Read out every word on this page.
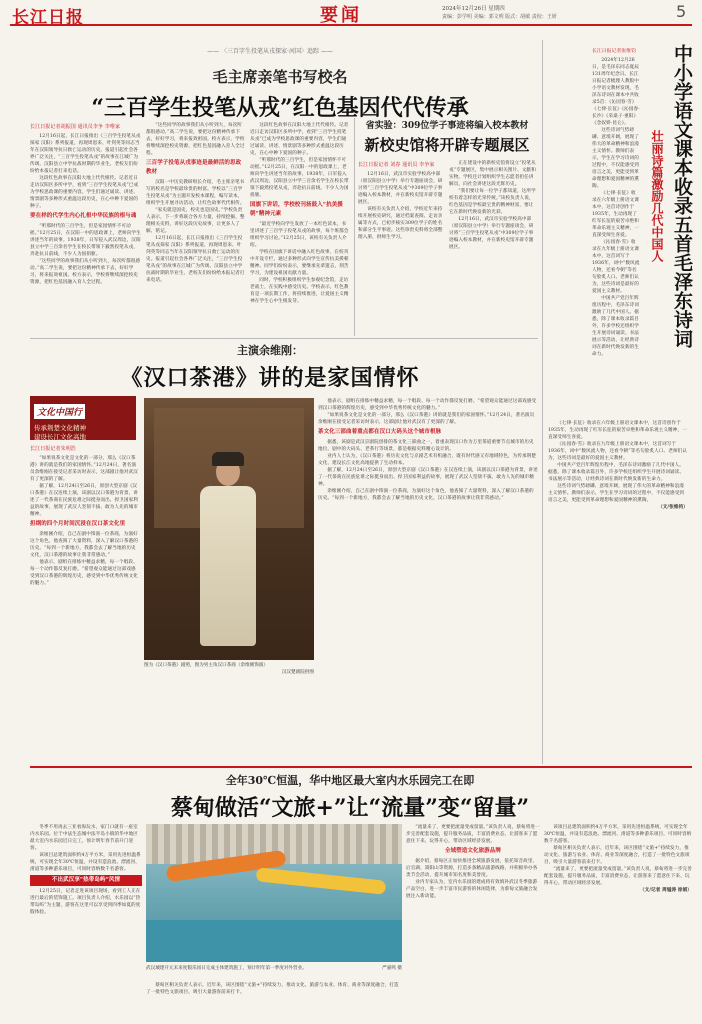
长江日报	要闻	2024年12月26日 星期四
责编：彭学明 美编：郭文明 版式：胡敏 责校：王妍	5
—— 〈三百字生投笔从戎探家·河国〉追踪 ——
毛主席亲笔书写校名
“三百学生投笔从戎”红色基因代代传承
长江日报记者胡振国 通讯员李争 李唯家

12月16日起，长江日报推出《三百学生投笔从戎探家 汉阳》系列报道，再现周恩来、叶剑英等同志当年在汉阳领导抗日救亡运动的历史。报道引起社会各界广泛关注，“三百学生投笔从戎”的故事在江城广为传颂。汉阳县立中学抗战时期的毕业生、老校友们纷纷给本报记者打来电话。

这段红色故事在汉阳大地上代代相传。记者近日走访汉阳区多所中学，看到“三百学生投笔从戎”已成为学校思政课的重要内容，学生们通过诵读、讲述、情景剧等多种形式重温这段历史，在心中种下爱国的种子。

要在样的代学生内心扎根中华民族的根与魂

“听那时代的三百学生，但是家园情怀不可动摇。”12月25日，在汉阳一中的思政课上，老师向学生讲述当年的故事。1938年，日军侵入武汉周边，汉阳县立中学三百余名学生在校长带领下毅然投笔从戎，奔赴抗日前线，不少人为国捐躯。

“这些同学的故事我们从小听到大，每次听都很感动。”高二学生说，要把这份精神传承下去，好好学习，将来报效祖国。校方表示，学校将继续深挖校史资源，把红色基因融入育人全过程。

“这些同学的故事我们从小听到大，每次听都很感动。”高二学生说，要把这份精神传承下去，好好学习，将来报效祖国。校方表示，学校将继续深挖校史资源，把红色基因融入育人全过程。

三百学子投笔从戎事迹是最鲜活的思政教材

汉阳一中历史教研组长介绍，毛主席亲笔书写的校名是学校最珍贵的财富。学校以“三百学生投笔从戎”为主题开发校本课程，编写读本，组织学生开展寻访活动，让红色故事代代相传。

“家史就是国史，校史也是国史。”学校负责人表示，下一步将联合各方力量，持续挖掘、整理相关史料，讲好这段历史故事，让更多人了解、铭记。

12月16日起，长江日报推出《三百学生投笔从戎探家 汉阳》系列报道，再现周恩来、叶剑英等同志当年在汉阳领导抗日救亡运动的历史。报道引起社会各界广泛关注，“三百学生投笔从戎”的故事在江城广为传颂。汉阳县立中学抗战时期的毕业生、老校友们纷纷给本报记者打来电话。

这段红色故事在汉阳大地上代代相传。记者近日走访汉阳区多所中学，看到“三百学生投笔从戎”已成为学校思政课的重要内容，学生们通过诵读、讲述、情景剧等多种形式重温这段历史，在心中种下爱国的种子。

“听那时代的三百学生，但是家园情怀不可动摇。”12月25日，在汉阳一中的思政课上，老师向学生讲述当年的故事。1938年，日军侵入武汉周边，汉阳县立中学三百余名学生在校长带领下毅然投笔从戎，奔赴抗日前线，不少人为国捐躯。

国旗下讲话，学校校刊扬鼓入“抗美援朝”精神元素

“最近学校向学生发放了一本红色读本，书里讲述了三百学子投笔从戎的故事，每个班都会组织学习讨论。”12月25日，该校有关负责人介绍。

学校在国旗下讲话中融入红色故事，在校刊中开设专栏，通过多种形式向学生宣传抗美援朝精神。同学们纷纷表示，要继承先辈遗志，刻苦学习，为建设祖国贡献力量。

同时，学校积极组织学生参观纪念馆，走访老战士，在实践中感受历史。学校表示，红色教育是一项长期工作，将持续推进，让爱国主义精神在学生心中生根发芽。

省实验：309位学子事迹将编入校本教材
新校史馆将开辟专题展区
长江日报记者 刘春 通讯员 李争家

12月16日，武汉市实验学校高中部（原汉阳县立中学）举行专题座谈会，研讨将“三百学生投笔从戎”中309位学子事迹编入校本教材，并在新校史馆开辟专题展区。

该校有关负责人介绍，学校近年来持续开展校史研究，通过档案查阅、走访亲属等方式，已初步核实309位学子的姓名和部分生平事迹。这些珍贵史料将全部整理入册，供师生学习。

正在建设中的新校史馆将设立“投笔从戎”专题展区，集中展示相关图片、文献和实物。学校还计划组织学生志愿者担任讲解员，向社会讲述这段光辉历史。

“我们要让每一位学子都知道，这所学校有着怎样的光荣传统。”该校负责人说，红色基因是学校最宝贵的精神财富，要让它在新时代焕发新的光彩。

12月16日，武汉市实验学校高中部（原汉阳县立中学）举行专题座谈会，研讨将“三百学生投笔从戎”中309位学子事迹编入校本教材，并在新校史馆开辟专题展区。

主演余维刚：
《汉口茶港》讲的是家国情怀
文化中国行
传承荆楚文化精神
建设长江文化高地
长江日报记者朱明浩

“如果说茶文化是文化的一部分，那么《汉口茶港》讲的就是我们的家国情怀。”12月24日，著名演员余维刚在接受记者采访时表示，这部剧让他对武汉有了更深的了解。

据了解，12月24日至26日，原创大型京剧《汉口茶港》在汉连续上演，该剧以汉口茶港为背景，讲述了一代茶商在民族危难之际挺身而出、捍卫国家利益的故事，展现了武汉人坚韧不拔、敢为人先的城市精神。

担纲的四个月时间沉浸在汉口茶文化里

余维刚介绍，自己在剧中饰演一位茶商，为演好这个角色，他查阅了大量资料，深入了解汉口茶港的历史。“每到一个新地方，我都会去了解当地的历史文化，汉口茶港的故事让我非常感动。”

他表示，剧组在排练中精益求精，每一个唱段、每一个动作都反复打磨。“希望观众能通过这部戏感受到汉口茶港的辉煌历史，感受到中华优秀传统文化的魅力。”

图为《汉口茶港》剧照，图为男主角汉口茶商（余维刚饰演）
汉汉楚剧院供图

他表示，剧组在排练中精益求精，每一个唱段、每一个动作都反复打磨。“希望观众能通过这部戏感受到汉口茶港的辉煌历史，感受到中华优秀传统文化的魅力。”

“如果说茶文化是文化的一部分，那么《汉口茶港》讲的就是我们的家国情怀。”12月24日，著名演员余维刚在接受记者采访时表示，这部剧让他对武汉有了更深的了解。

茶文化三部曲着重点都在汉口大码头这个城市根脉

据悉，该剧是武汉京剧院创排的茶文化三部曲之一，着重表现汉口作为万里茶道重要节点城市的历史地位。剧中的大码头、老茶行等场景，都是根据史料精心设计的。

业内人士认为，《汉口茶港》将历史文化与京剧艺术有机融合，既有时代感又有地域特色，为传承荆楚文化、建设长江文化高地提供了生动样本。

据了解，12月24日至26日，原创大型京剧《汉口茶港》在汉连续上演，该剧以汉口茶港为背景，讲述了一代茶商在民族危难之际挺身而出、捍卫国家利益的故事，展现了武汉人坚韧不拔、敢为人先的城市精神。

余维刚介绍，自己在剧中饰演一位茶商，为演好这个角色，他查阅了大量资料，深入了解汉口茶港的历史。“每到一个新地方，我都会去了解当地的历史文化，汉口茶港的故事让我非常感动。”

中小学语文课本收录五首毛泽东诗词
壮丽诗篇激励几代中国人
长江日报记者张维钧

2024年12月26日，是毛泽东同志诞辰131周年纪念日。长江日报记者梳理人教版中小学语文教材发现，毛泽东诗词在课本中共收录5首：《沁园春·雪》《七律·长征》《沁园春·长沙》《采桑子·重阳》《念奴娇·昆仑》。

这些诗词气势磅礴、意境开阔，展现了伟大的革命精神和浪漫主义情怀。教师们表示，学生在学习诗词的过程中，不仅能感受到语言之美，更能受到革命理想和爱国精神的熏陶。

《七律·长征》收录在六年级上册语文课本中，这首诗创作于1935年，生动再现了红军长征的艰苦卓绝和革命乐观主义精神，一直深受师生喜爱。

《沁园春·雪》收录在九年级上册语文课本中，这首词写于1936年，词中“数风流人物，还看今朝”等名句脍炙人口。老师们认为，这些诗词是最好的爱国主义教材。

中国共产党百年辉煌历程中，毛泽东诗词激励了几代中国人。据悉，除了课本收录篇目外，许多学校还组织学生开展诗词诵读、书法展示等活动，让经典诗词在新时代焕发新的生命力。

《七律·长征》收录在六年级上册语文课本中，这首诗创作于1935年，生动再现了红军长征的艰苦卓绝和革命乐观主义精神，一直深受师生喜爱。

《沁园春·雪》收录在九年级上册语文课本中，这首词写于1936年，词中“数风流人物，还看今朝”等名句脍炙人口。老师们认为，这些诗词是最好的爱国主义教材。

中国共产党百年辉煌历程中，毛泽东诗词激励了几代中国人。据悉，除了课本收录篇目外，许多学校还组织学生开展诗词诵读、书法展示等活动，让经典诗词在新时代焕发新的生命力。

这些诗词气势磅礴、意境开阔，展现了伟大的革命精神和浪漫主义情怀。教师们表示，学生在学习诗词的过程中，不仅能感受到语言之美，更能受到革命理想和爱国精神的熏陶。

（文/张维钧）
全年30℃恒温，华中地区最大室内水乐园完工在即
蔡甸做活“文旅+”让“流量”变“留量”

冬季不用再去三亚看海玩水，家门口就有一座室内水乐园。位于中法生态城中法半岛小镇的华中地区最大室内水乐园近日完工，预计明年春节前开门迎客。

该项目总建筑面积约4万平方米，采用先进恒温系统，可实现全年30℃恒温，并设有造浪池、漂流河、滑道等多种游乐项目，可同时容纳数千名游客。

不出武汉享“热带岛屿”风情

12月25日，记者走进该项目现场，看到工人正在进行最后的装饰施工。项目负责人介绍，水乐园以“热带岛屿”为主题，游客在这里可以享受到四季如夏的度假体验。

武汉城建开元未来度假乐园日完成主体建筑施工，预计明年第一季度对外营业。	严嘉鸣 摄

蔡甸区相关负责人表示，近年来，该区围绕“文旅+”持续发力，推动文化、旅游与农业、体育、商业等深度融合，打造了一批特色文旅项目，吸引大量游客前来打卡。

“流量来了，更要把流量变成留量。”该负责人说，蔡甸将进一步完善配套设施，提升服务品质，丰富消费业态，让游客来了愿意住下来、玩得开心，带动区域经济发展。

全域塑造文化旅游品牌

据介绍，蔡甸区正加快推进全域旅游发展，依托知音故里、后官湖、嵩阳山等资源，打造多条精品旅游线路，并积极举办各类节会活动，提升城市知名度和美誉度。

业内专家认为，室内水乐园的建成将有效填补武汉冬季旅游产品空白，进一步丰富市民游客的休闲选择，为蔡甸文旅融合发展注入新动能。

该项目总建筑面积约4万平方米，采用先进恒温系统，可实现全年30℃恒温，并设有造浪池、漂流河、滑道等多种游乐项目，可同时容纳数千名游客。

蔡甸区相关负责人表示，近年来，该区围绕“文旅+”持续发力，推动文化、旅游与农业、体育、商业等深度融合，打造了一批特色文旅项目，吸引大量游客前来打卡。

“流量来了，更要把流量变成留量。”该负责人说，蔡甸将进一步完善配套设施，提升服务品质，丰富消费业态，让游客来了愿意住下来、玩得开心，带动区域经济发展。

（文/记者 周镒涛 徐娟）
